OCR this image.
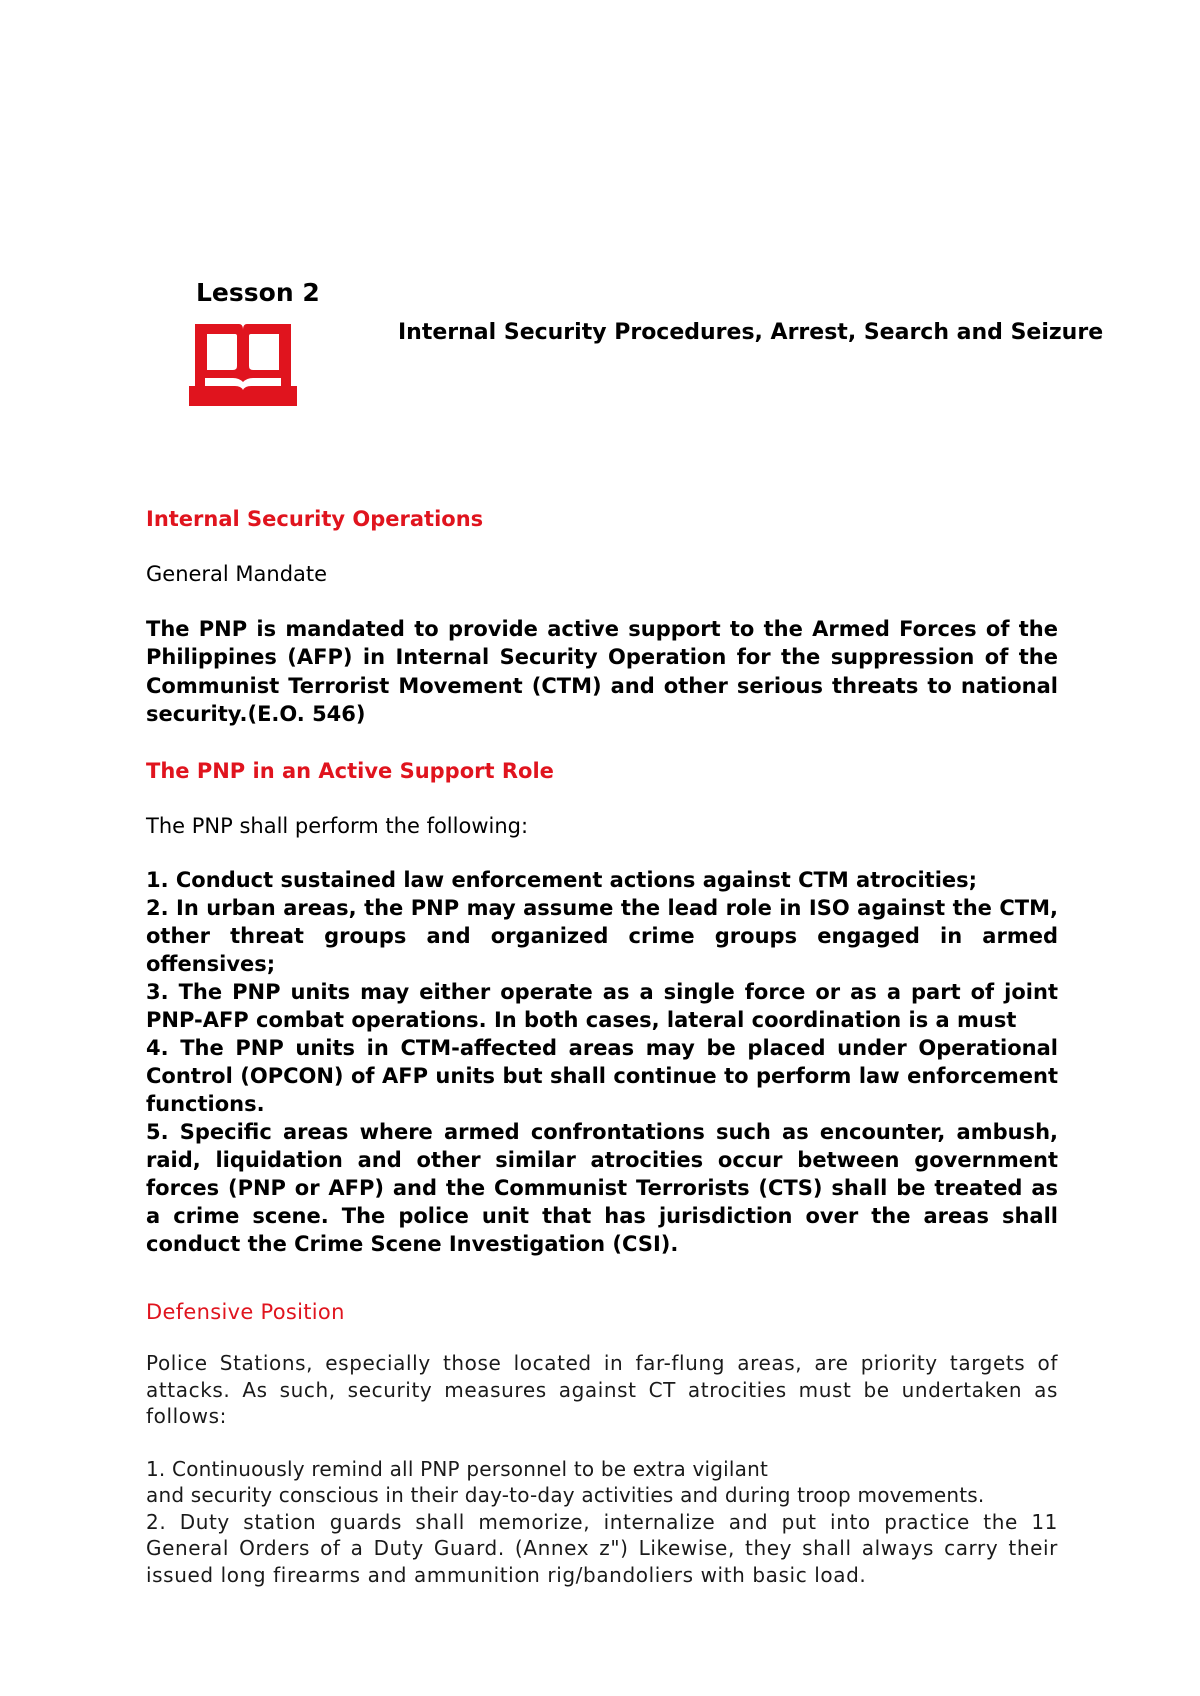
Lesson 2
Internal Security Procedures, Arrest, Search and Seizure
Internal Security Operations
General Mandate
The PNP is mandated to provide active support to the Armed Forces of the Philippines (AFP) in Internal Security Operation for the suppression of the Communist Terrorist Movement (CTM) and other serious threats to national security.(E.O. 546)
The PNP in an Active Support Role
The PNP shall perform the following:
1. Conduct sustained law enforcement actions against CTM atrocities;
2. In urban areas, the PNP may assume the lead role in ISO against the CTM, other threat groups and organized crime groups engaged in armed offensives;
3. The PNP units may either operate as a single force or as a part of joint PNP-AFP combat operations. In both cases, lateral coordination is a must
4. The PNP units in CTM-affected areas may be placed under Operational Control (OPCON) of AFP units but shall continue to perform law enforcement functions.
5. Specific areas where armed confrontations such as encounter, ambush, raid, liquidation and other similar atrocities occur between government forces (PNP or AFP) and the Communist Terrorists (CTS) shall be treated as a crime scene. The police unit that has jurisdiction over the areas shall conduct the Crime Scene Investigation (CSI).
Defensive Position
Police Stations, especially those located in far-flung areas, are priority targets of attacks. As such, security measures against CT atrocities must be undertaken as follows:
1. Continuously remind all PNP personnel to be extra vigilant
and security conscious in their day-to-day activities and during troop movements.
2. Duty station guards shall memorize, internalize and put into practice the 11 General Orders of a Duty Guard. (Annex z") Likewise, they shall always carry their issued long firearms and ammunition rig/bandoliers with basic load.
